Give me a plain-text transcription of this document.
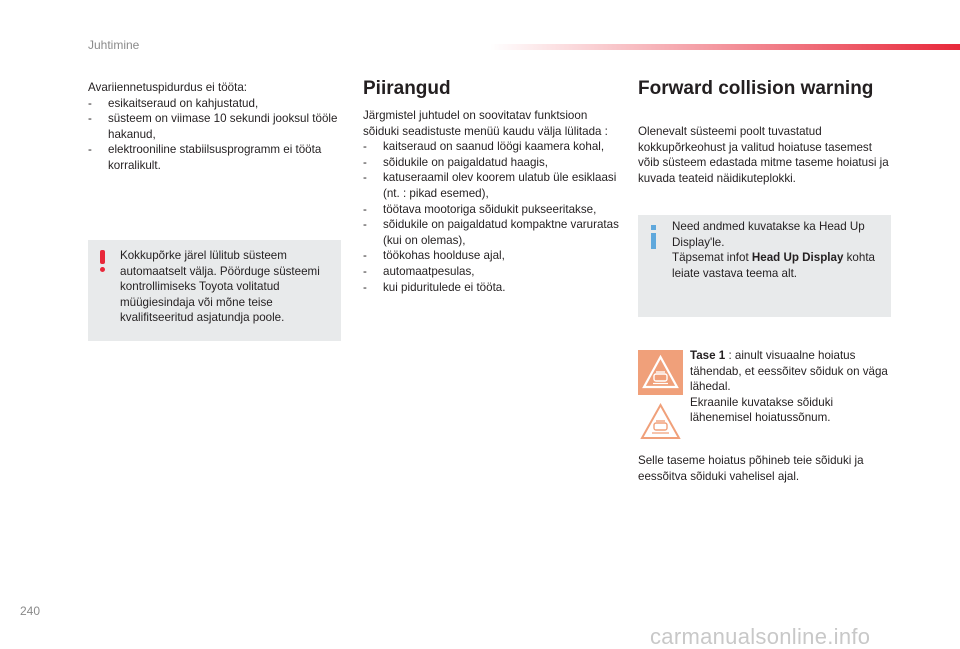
Juhtimine

Avariiennetuspidurdus ei tööta:

- esikaitseraud on kahjustatud,
- süsteem on viimase 10 sekundi jooksul tööle hakanud,
- elektrooniline stabiilsusprogramm ei tööta korralikult.

Kokkupõrke järel lülitub süsteem automaatselt välja. Pöörduge süsteemi kontrollimiseks Toyota volitatud müügiesindaja või mõne teise kvalifitseeritud asjatundja poole.

Piirangud

Järgmistel juhtudel on soovitatav funktsioon sõiduki seadistuste menüü kaudu välja lülitada :

- kaitseraud on saanud löögi kaamera kohal,
- sõidukile on paigaldatud haagis,
- katuseraamil olev koorem ulatub üle esiklaasi (nt. : pikad esemed),
- töötava mootoriga sõidukit pukseeritakse,
- sõidukile on paigaldatud kompaktne varuratas (kui on olemas),
- töökohas hoolduse ajal,
- automaatpesulas,
- kui piduritulede ei tööta.
Forward collision warning

Olenevalt süsteemi poolt tuvastatud kokkupõrkeohust ja valitud hoiatuse tasemest võib süsteem edastada mitme taseme hoiatusi ja kuvada teateid näidikuteplokki.

Need andmed kuvatakse ka Head Up Display'le.

Täpsemat infot Head Up Display kohta leiate vastava teema alt.

Tase 1 : ainult visuaalne hoiatus tähendab, et eessõitev sõiduk on väga lähedal.

Ekraanile kuvatakse sõiduki lähenemisel hoiatussõnum.

Selle taseme hoiatus põhineb teie sõiduki ja eessõitva sõiduki vahelisel ajal.

240
carmanualsonline.info
